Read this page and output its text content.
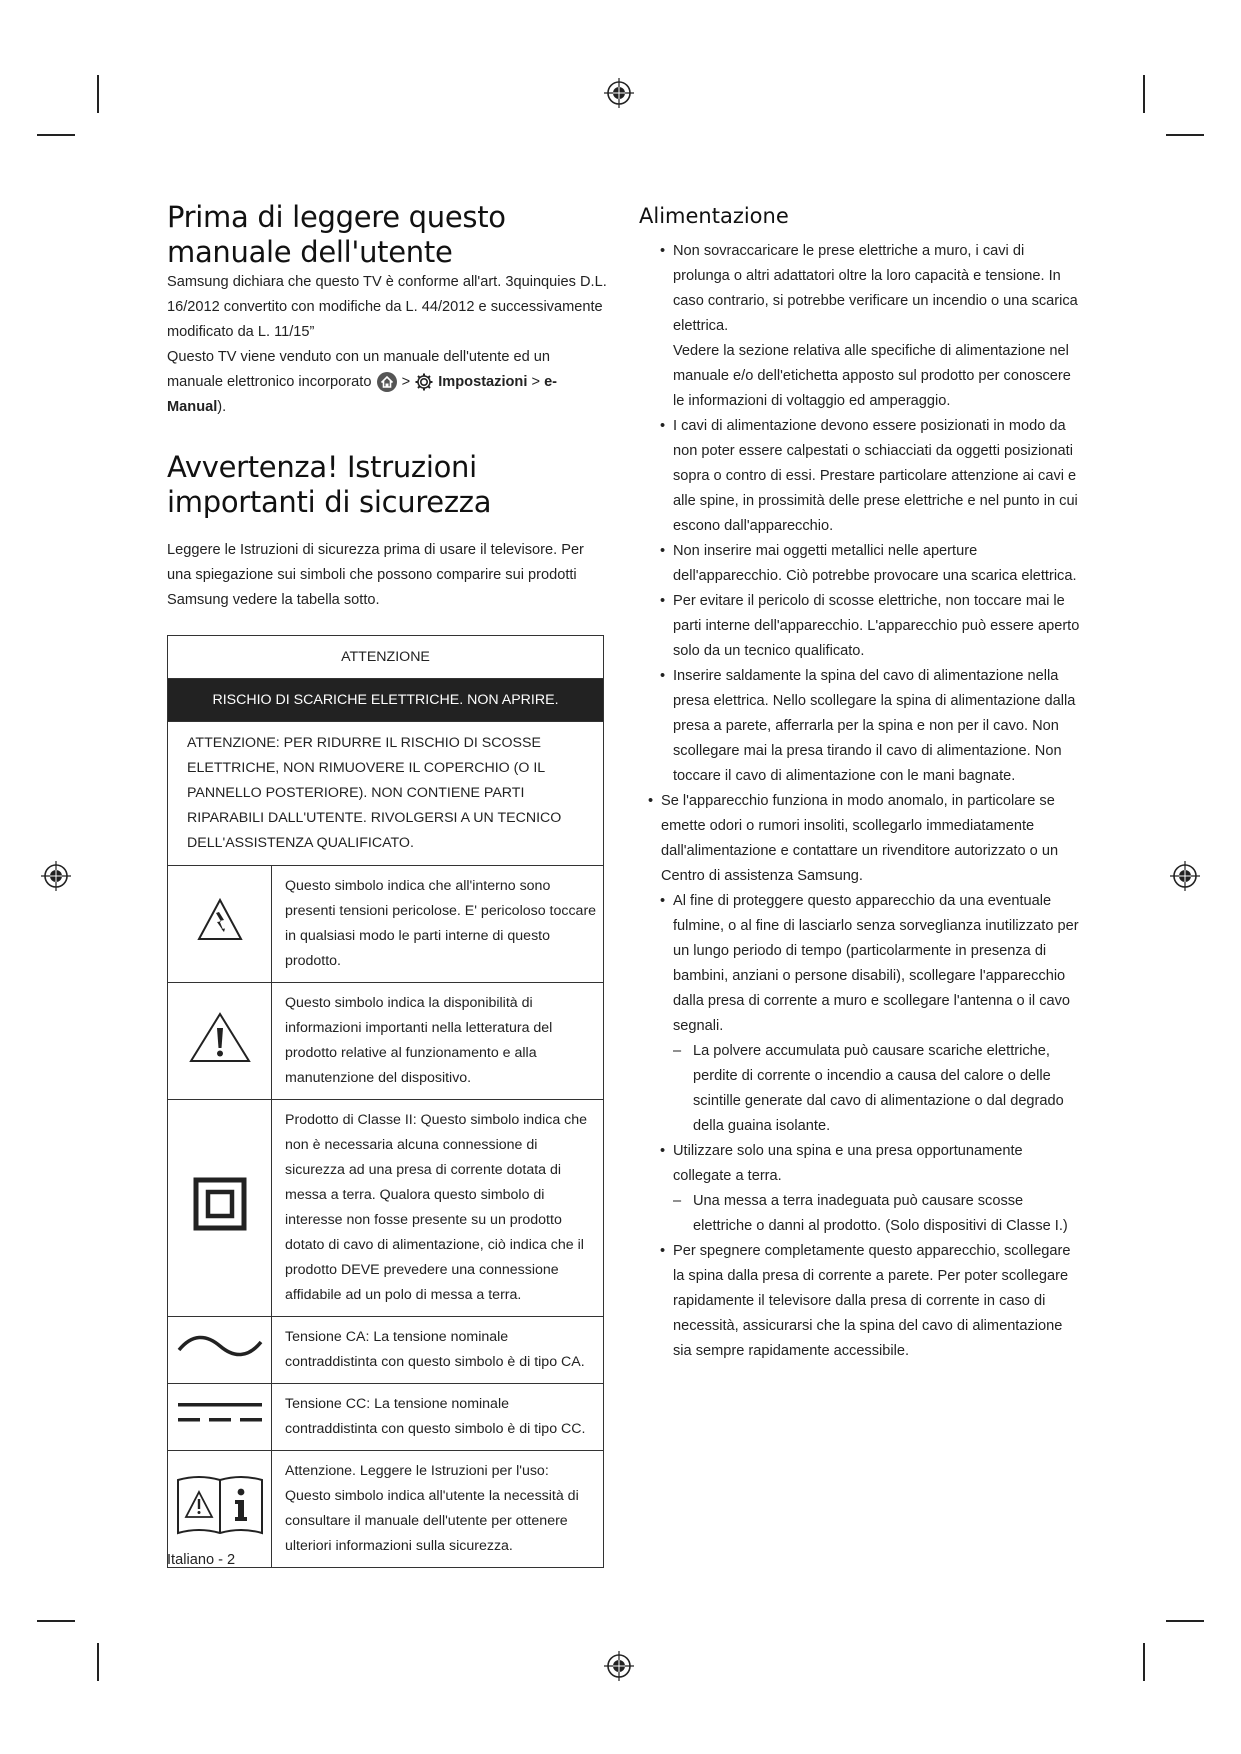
Prima di leggere questo manuale dell'utente

Samsung dichiara che questo TV è conforme all'art. 3quinquies D.L. 16/2012 convertito con modifiche da L. 44/2012 e successivamente modificato da L. 11/15”

Questo TV viene venduto con un manuale dell'utente ed un manuale elettronico incorporato > Impostazioni > e-Manual).

Avvertenza! Istruzioni importanti di sicurezza

Leggere le Istruzioni di sicurezza prima di usare il televisore. Per una spiegazione sui simboli che possono comparire sui prodotti Samsung vedere la tabella sotto.

ATTENZIONE	
RISCHIO DI SCARICHE ELETTRICHE. NON APRIRE.	
ATTENZIONE: PER RIDURRE IL RISCHIO DI SCOSSE ELETTRICHE, NON RIMUOVERE IL COPERCHIO (O IL PANNELLO POSTERIORE). NON CONTIENE PARTI RIPARABILI DALL'UTENTE. RIVOLGERSI A UN TECNICO DELL'ASSISTENZA QUALIFICATO.	
	Questo simbolo indica che all'interno sono presenti tensioni pericolose. E' pericoloso toccare in qualsiasi modo le parti interne di questo prodotto.
	Questo simbolo indica la disponibilità di informazioni importanti nella letteratura del prodotto relative al funzionamento e alla manutenzione del dispositivo.
	Prodotto di Classe II: Questo simbolo indica che non è necessaria alcuna connessione di sicurezza ad una presa di corrente dotata di messa a terra. Qualora questo simbolo di interesse non fosse presente su un prodotto dotato di cavo di alimentazione, ciò indica che il prodotto DEVE prevedere una connessione affidabile ad un polo di messa a terra.
	Tensione CA: La tensione nominale contraddistinta con questo simbolo è di tipo CA.
	Tensione CC: La tensione nominale contraddistinta con questo simbolo è di tipo CC.
	Attenzione. Leggere le Istruzioni per l'uso: Questo simbolo indica all'utente la necessità di consultare il manuale dell'utente per ottenere ulteriori informazioni sulla sicurezza.
Alimentazione
• Non sovraccaricare le prese elettriche a muro, i cavi di prolunga o altri adattatori oltre la loro capacità e tensione. In caso contrario, si potrebbe verificare un incendio o una scarica elettrica.
Vedere la sezione relativa alle specifiche di alimentazione nel manuale e/o dell'etichetta apposto sul prodotto per conoscere le informazioni di voltaggio ed amperaggio.
• I cavi di alimentazione devono essere posizionati in modo da non poter essere calpestati o schiacciati da oggetti posizionati sopra o contro di essi. Prestare particolare attenzione ai cavi e alle spine, in prossimità delle prese elettriche e nel punto in cui escono dall'apparecchio.
• Non inserire mai oggetti metallici nelle aperture dell'apparecchio. Ciò potrebbe provocare una scarica elettrica.
• Per evitare il pericolo di scosse elettriche, non toccare mai le parti interne dell'apparecchio. L'apparecchio può essere aperto solo da un tecnico qualificato.
• Inserire saldamente la spina del cavo di alimentazione nella presa elettrica. Nello scollegare la spina di alimentazione dalla presa a parete, afferrarla per la spina e non per il cavo. Non scollegare mai la presa tirando il cavo di alimentazione. Non toccare il cavo di alimentazione con le mani bagnate.
• Se l'apparecchio funziona in modo anomalo, in particolare se emette odori o rumori insoliti, scollegarlo immediatamente dall'alimentazione e contattare un rivenditore autorizzato o un Centro di assistenza Samsung.
• Al fine di proteggere questo apparecchio da una eventuale fulmine, o al fine di lasciarlo senza sorveglianza inutilizzato per un lungo periodo di tempo (particolarmente in presenza di bambini, anziani o persone disabili), scollegare l'apparecchio dalla presa di corrente a muro e scollegare l'antenna o il cavo segnali.
– La polvere accumulata può causare scariche elettriche, perdite di corrente o incendio a causa del calore o delle scintille generate dal cavo di alimentazione o dal degrado della guaina isolante.
• Utilizzare solo una spina e una presa opportunamente collegate a terra.
– Una messa a terra inadeguata può causare scosse elettriche o danni al prodotto. (Solo dispositivi di Classe I.)
• Per spegnere completamente questo apparecchio, scollegare la spina dalla presa di corrente a parete. Per poter scollegare rapidamente il televisore dalla presa di corrente in caso di necessità, assicurarsi che la spina del cavo di alimentazione sia sempre rapidamente accessibile.
Italiano - 2
